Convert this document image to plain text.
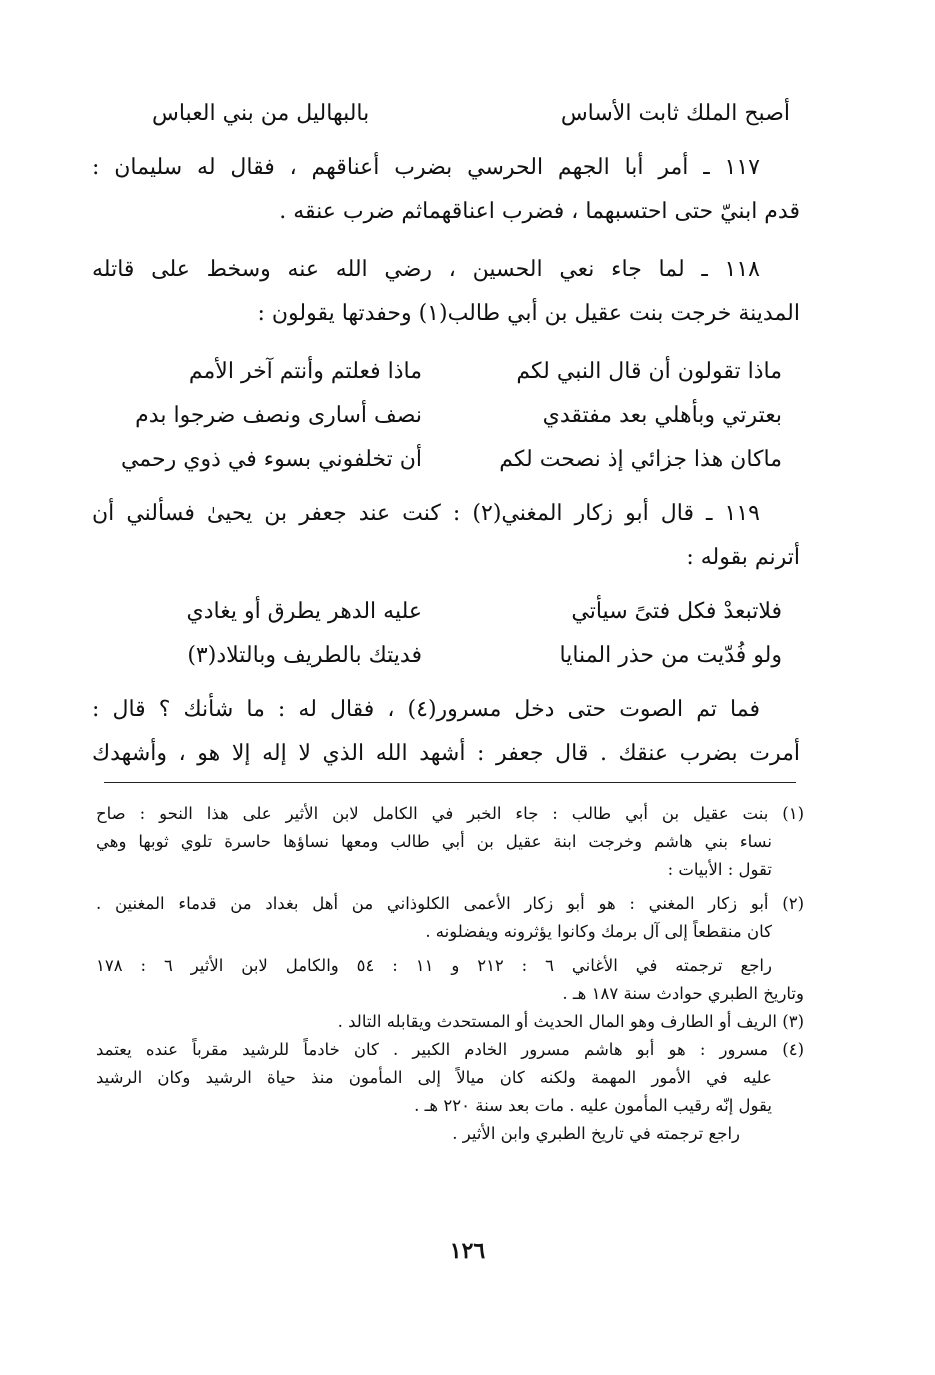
أصبح الملك ثابت الأساس
بالبهاليل من بني العباس
١١٧ ـ أمر أبا الجهم الحرسي بضرب أعناقهم ، فقال له سليمان :
قدم ابنيّ حتى احتسبهما ، فضرب اعناقهماثم ضرب عنقه .
١١٨ ـ لما جاء نعي الحسين ، رضي الله عنه وسخط على قاتله
المدينة خرجت بنت عقيل بن أبي طالب(١) وحفدتها يقولون :
ماذا تقولون أن قال النبي لكم
ماذا فعلتم وأنتم آخر الأمم
بعترتي وبأهلي بعد مفتقدي
نصف أسارى ونصف ضرجوا بدم
ماكان هذا جزائي إذ نصحت لكم
أن تخلفوني بسوء في ذوي رحمي
١١٩ ـ قال أبو زكار المغني(٢) : كنت عند جعفر بن يحيىٰ فسألني أن
أترنم بقوله :
فلاتبعدْ فكل فتىً سيأتي
عليه الدهر يطرق أو يغادي
ولو فُدّيت من حذر المنايا
فديتك بالطريف وبالتلاد(٣)
فما تم الصوت حتى دخل مسرور(٤) ، فقال له : ما شأنك ؟ قال :
أمرت بضرب عنقك . قال جعفر : أشهد الله الذي لا إله إلا هو ، وأشهدك
(١) بنت عقيل بن أبي طالب : جاء الخبر في الكامل لابن الأثير على هذا النحو : صاح
نساء بني هاشم وخرجت ابنة عقيل بن أبي طالب ومعها نساؤها حاسرة تلوي ثوبها وهي
تقول : الأبيات :
(٢) أبو زكار المغني : هو أبو زكار الأعمى الكلوذاني من أهل بغداد من قدماء المغنين .
كان منقطعاً إلى آل برمك وكانوا يؤثرونه ويفضلونه .
راجع ترجمته في الأغاني ٦ : ٢١٢ و ١١ : ٥٤ والكامل لابن الأثير ٦ : ١٧٨
وتاريخ الطبري حوادث سنة ١٨٧ هـ .
(٣) الريف أو الطارف وهو المال الحديث أو المستحدث ويقابله التالد .
(٤) مسرور : هو أبو هاشم مسرور الخادم الكبير . كان خادماً للرشيد مقرباً عنده يعتمد
عليه في الأمور المهمة ولكنه كان ميالاً إلى المأمون منذ حياة الرشيد وكان الرشيد
يقول إنّه رقيب المأمون عليه . مات بعد سنة ٢٢٠ هـ .
راجع ترجمته في تاريخ الطبري وابن الأثير .
١٢٦
